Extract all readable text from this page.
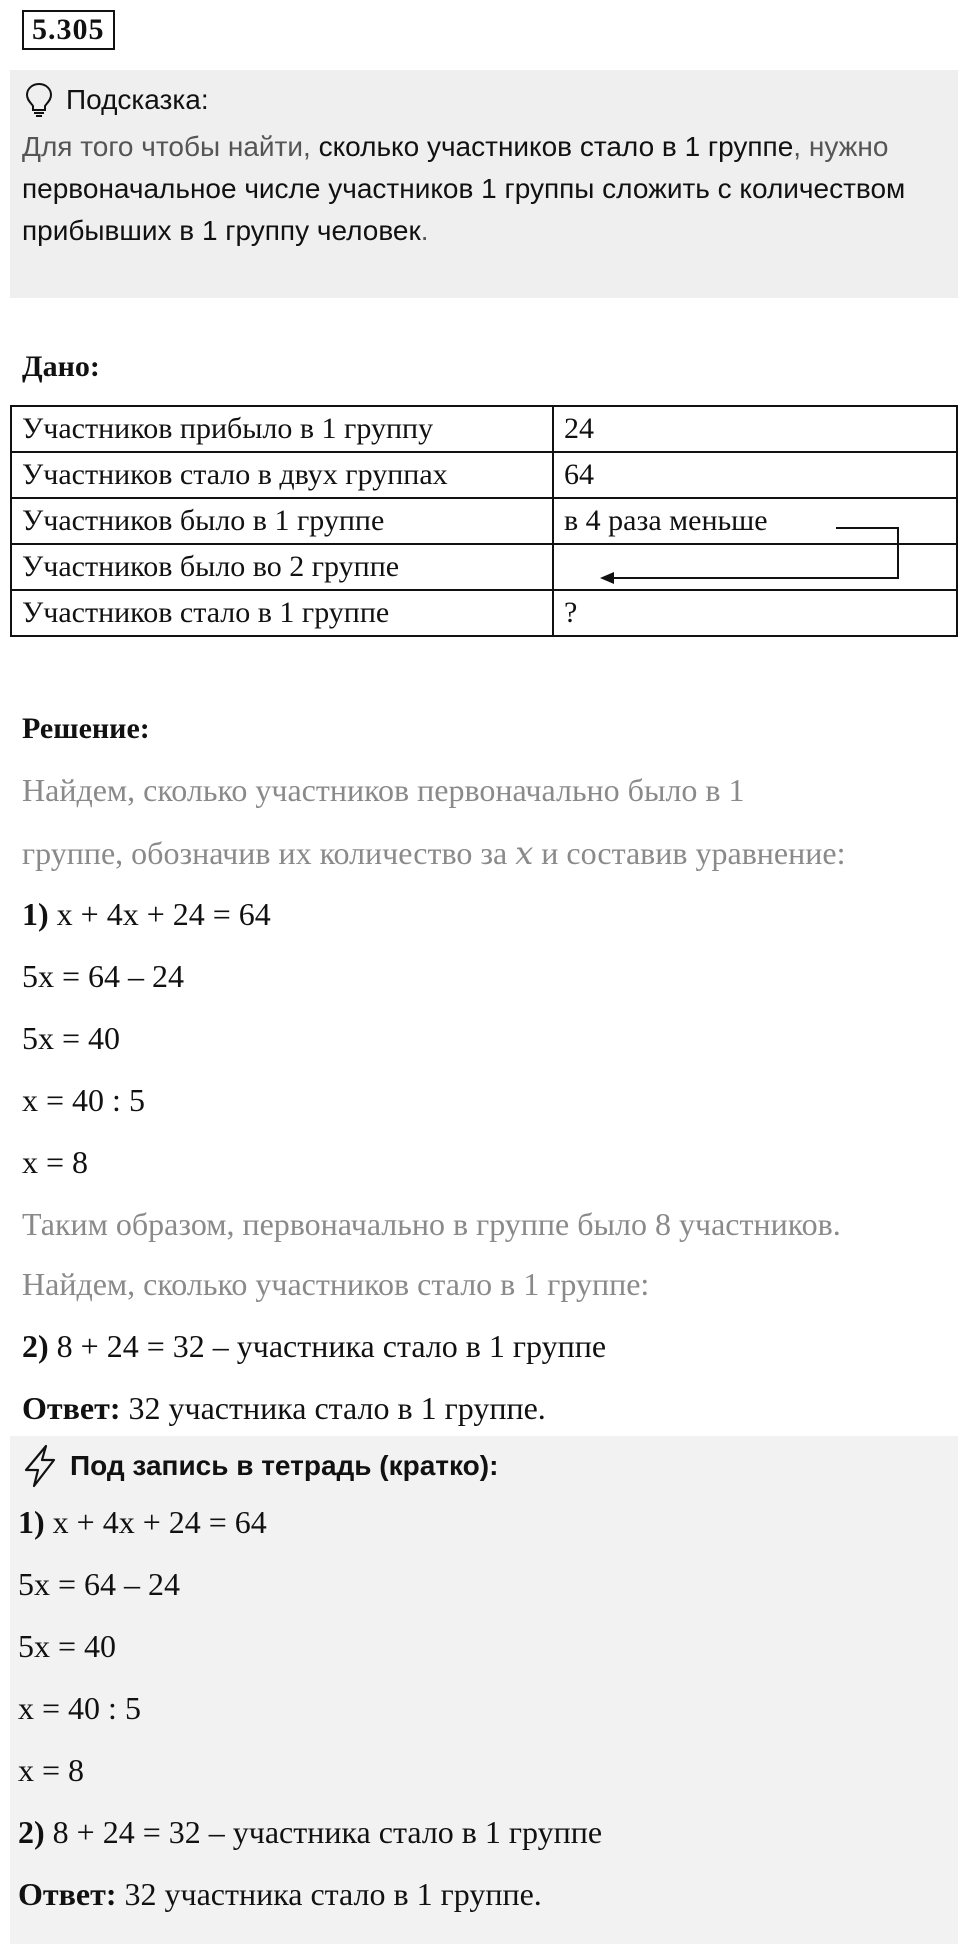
5.305
Подсказка:
Для того чтобы найти, сколько участников стало в 1 группе, нужно первоначальное числе участников 1 группы сложить с количеством прибывших в 1 группу человек.
Дано:
Участников прибыло в 1 группу	24
Участников стало в двух группах	64
Участников было в 1 группе	в 4 раза меньше
Участников было во 2 группе	
Участников стало в 1 группе	?
Решение:
Найдем, сколько участников первоначально было в 1
группе, обозначив их количество за x и составив уравнение:
1) x + 4x + 24 = 64
5x = 64 – 24
5x = 40
x = 40 : 5
x = 8
Таким образом, первоначально в группе было 8 участников.
Найдем, сколько участников стало в 1 группе:
2) 8 + 24 = 32 – участника стало в 1 группе
Ответ: 32 участника стало в 1 группе.
Под запись в тетрадь (кратко):
1) x + 4x + 24 = 64
5x = 64 – 24
5x = 40
x = 40 : 5
x = 8
2) 8 + 24 = 32 – участника стало в 1 группе
Ответ: 32 участника стало в 1 группе.
